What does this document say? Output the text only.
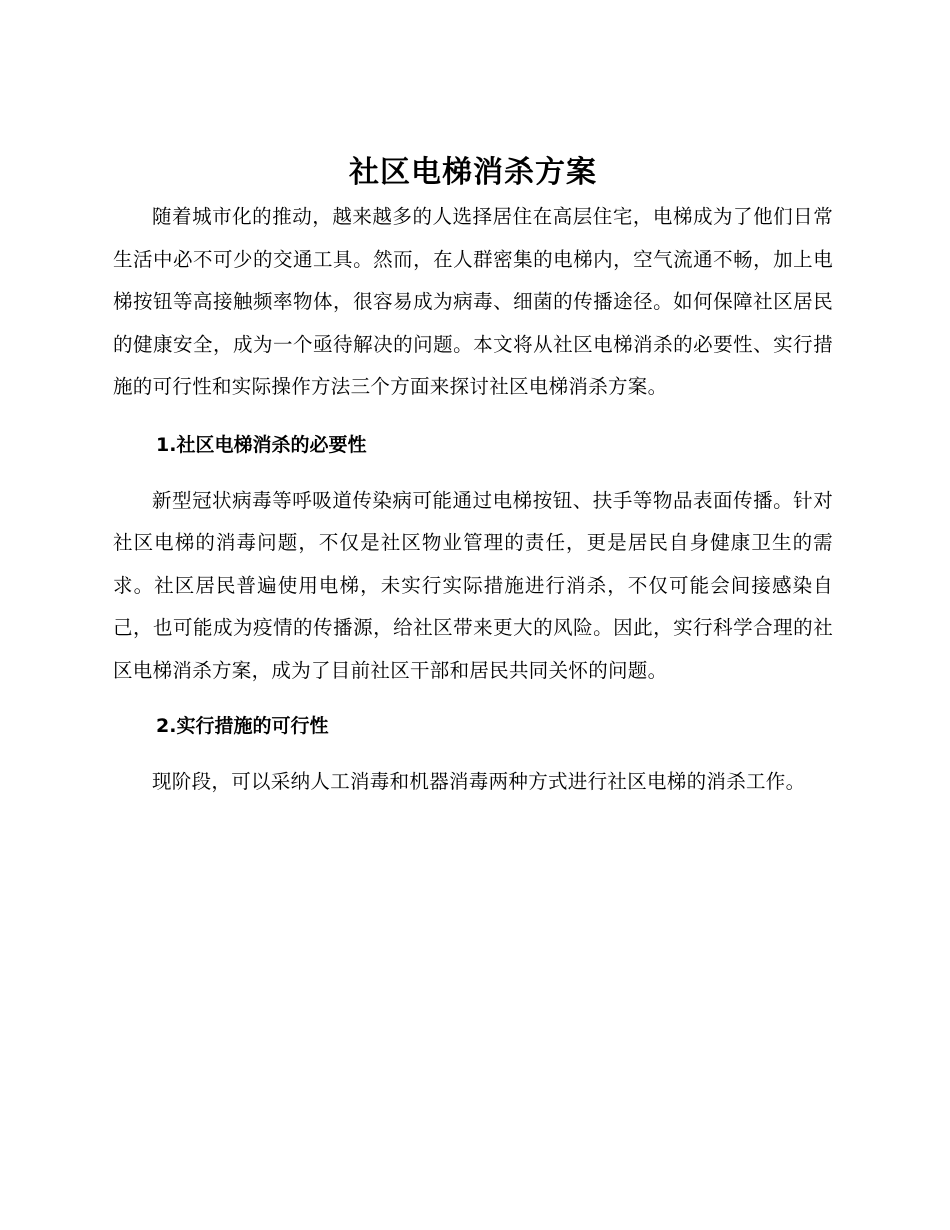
社区电梯消杀方案

随着城市化的推动，越来越多的人选择居住在高层住宅，电梯成为了他们日常生活中必不可少的交通工具。然而，在人群密集的电梯内，空气流通不畅，加上电梯按钮等高接触频率物体，很容易成为病毒、细菌的传播途径。如何保障社区居民的健康安全，成为一个亟待解决的问题。本文将从社区电梯消杀的必要性、实行措施的可行性和实际操作方法三个方面来探讨社区电梯消杀方案。

1.社区电梯消杀的必要性

新型冠状病毒等呼吸道传染病可能通过电梯按钮、扶手等物品表面传播。针对社区电梯的消毒问题，不仅是社区物业管理的责任，更是居民自身健康卫生的需求。社区居民普遍使用电梯，未实行实际措施进行消杀，不仅可能会间接感染自己，也可能成为疫情的传播源，给社区带来更大的风险。因此，实行科学合理的社区电梯消杀方案，成为了目前社区干部和居民共同关怀的问题。

2.实行措施的可行性

现阶段，可以采纳人工消毒和机器消毒两种方式进行社区电梯的消杀工作。
